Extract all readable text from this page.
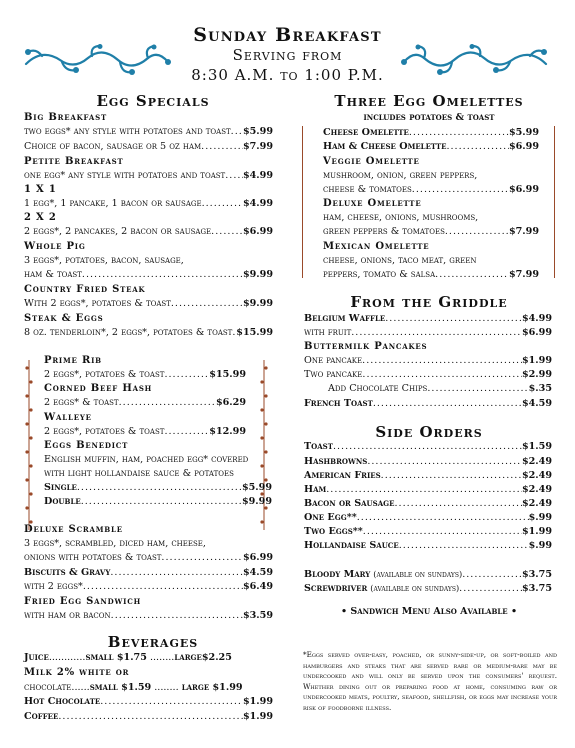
Sunday Breakfast
Serving from
8:30 A.M. to 1:00 P.M.
Egg Specials
Big Breakfast
two eggs* any style with potatoes and toast ..... $5.99
Choice of bacon, sausage or 5 oz ham .....	$7.99
Petite Breakfast
one egg* any style with potatoes and toast ..... $4.99
1 X 1
1 egg*, 1 pancake, 1 bacon or sausage .....	$4.99
2 X 2
2 eggs*, 2 pancakes, 2 bacon or sausage .....	$6.99
Whole Pig
3 eggs*, potatoes, bacon, sausage,
ham & toast .....	$9.99
Country Fried Steak
With 2 eggs*, potatoes & toast .....	$9.99
Steak & Eggs
8 oz. tenderloin*, 2 eggs*, potatoes & toast ..... $15.99
Prime Rib
2 eggs*, potatoes & toast .....	$15.99
Corned Beef Hash
2 eggs* & toast .....	$6.29
Walleye
2 eggs*, potatoes & toast .....	$12.99
Eggs Benedict
English muffin, ham, poached egg* covered
with light hollandaise sauce & potatoes
Single .....	$5.99
Double .....	$9.99
Deluxe Scramble
3 eggs*, scrambled, diced ham, cheese,
onions with potatoes & toast .....	$6.99
Biscuits & Gravy .....	$4.59
with 2 eggs* .....	$6.49
Fried Egg Sandwich
with ham or bacon .....	$3.59
Beverages
Juice............small $1.75 ........large$2.25
Milk 2% white or
chocolate......small $1.59 ........ large $1.99
Hot Chocolate .....	$1.99
Coffee .....	$1.99
Three Egg Omelettes
includes potatoes & toast
Cheese Omelette .....	$5.99
Ham & Cheese Omelette .....	$6.99
Veggie Omelette
mushroom, onion, green peppers,
cheese & tomatoes .....	$6.99
Deluxe Omelette
ham, cheese, onions, mushrooms,
green peppers & tomatoes .....	$7.99
Mexican Omelette
cheese, onions, taco meat, green
peppers, tomato & salsa .....	$7.99
From the Griddle
Belgium Waffle .....	$4.99
with fruit .....	$6.99
Buttermilk Pancakes
One pancake .....	$1.99
Two pancake .....	$2.99
Add Chocolate Chips .....	$.35
French Toast .....	$4.59
Side Orders
Toast .....	$1.59
Hashbrowns .....	$2.49
American Fries .....	$2.49
Ham .....	$2.49
Bacon or Sausage .....	$2.49
One Egg** .....	$.99
Two Eggs** .....	$1.99
Hollandaise Sauce .....	$.99
Bloody Mary (available on sundays) .....	$3.75
Screwdriver (available on sundays) .....	$3.75
• Sandwich Menu Also Available •
*Eggs served over-easy, poached, or sunny-side-up, or soft-boiled and hamburgers and steaks that are served rare or medium-rare may be undercooked and will only be served upon the consumers' request. Whether dining out or preparing food at home, consuming raw or undercooked meats, poultry, seafood, shellfish, or eggs may increase your risk of foodborne illness.
